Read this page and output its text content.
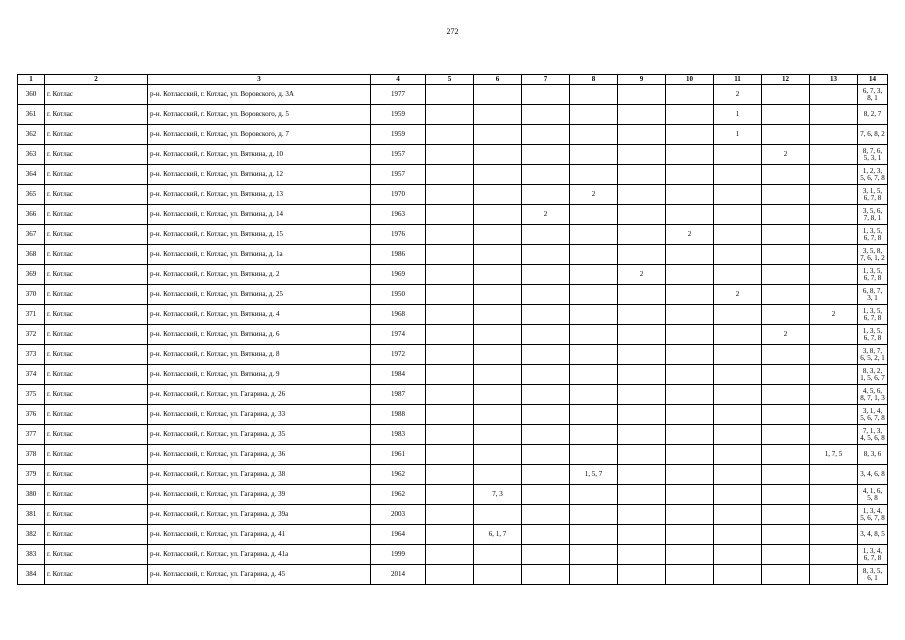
272
1	2	3	4	5	6	7	8	9	10	11	12	13	14
360	г. Котлас	р-н. Котласский, г. Котлас, ул. Воровского, д. 3А	1977							2			6, 7, 3, 8, 1
361	г. Котлас	р-н. Котласский, г. Котлас, ул. Воровского, д. 5	1959							1			8, 2, 7
362	г. Котлас	р-н. Котласский, г. Котлас, ул. Воровского, д. 7	1959							1			7, 6, 8, 2
363	г. Котлас	р-н. Котласский, г. Котлас, ул. Вяткина, д. 10	1957								2		8, 7, 6, 5, 3, 1
364	г. Котлас	р-н. Котласский, г. Котлас, ул. Вяткина, д. 12	1957										1, 2, 3, 5, 6, 7, 8
365	г. Котлас	р-н. Котласский, г. Котлас, ул. Вяткина, д. 13	1970				2						3, 1, 5, 6, 7, 8
366	г. Котлас	р-н. Котласский, г. Котлас, ул. Вяткина, д. 14	1963			2							3, 5, 6, 7, 8, 1
367	г. Котлас	р-н. Котласский, г. Котлас, ул. Вяткина, д. 15	1976						2				1, 3, 5, 6, 7, 8
368	г. Котлас	р-н. Котласский, г. Котлас, ул. Вяткина, д. 1а	1986										3, 5, 8, 7, 6, 1, 2
369	г. Котлас	р-н. Котласский, г. Котлас, ул. Вяткина, д. 2	1969					2					1, 3, 5, 6, 7, 8
370	г. Котлас	р-н. Котласский, г. Котлас, ул. Вяткина, д. 25	1950							2			6, 8, 7, 3, 1
371	г. Котлас	р-н. Котласский, г. Котлас, ул. Вяткина, д. 4	1968									2	1, 3, 5, 6, 7, 8
372	г. Котлас	р-н. Котласский, г. Котлас, ул. Вяткина, д. 6	1974								2		1, 3, 5, 6, 7, 8
373	г. Котлас	р-н. Котласский, г. Котлас, ул. Вяткина, д. 8	1972										3, 8, 7, 6, 5, 2, 1
374	г. Котлас	р-н. Котласский, г. Котлас, ул. Вяткина, д. 9	1984										8, 3, 2, 1, 5, 6, 7
375	г. Котлас	р-н. Котласский, г. Котлас, ул. Гагарина, д. 26	1987										4, 5, 6, 8, 7, 1, 3
376	г. Котлас	р-н. Котласский, г. Котлас, ул. Гагарина, д. 33	1988										3, 1, 4, 5, 6, 7, 8
377	г. Котлас	р-н. Котласский, г. Котлас, ул. Гагарина, д. 35	1983										7, 1, 3, 4, 5, 6, 8
378	г. Котлас	р-н. Котласский, г. Котлас, ул. Гагарина, д. 36	1961									1, 7, 5	8, 3, 6
379	г. Котлас	р-н. Котласский, г. Котлас, ул. Гагарина, д. 38	1962				1, 5, 7						3, 4, 6, 8
380	г. Котлас	р-н. Котласский, г. Котлас, ул. Гагарина, д. 39	1962		7, 3								4, 1, 6, 5, 8
381	г. Котлас	р-н. Котласский, г. Котлас, ул. Гагарина, д. 39а	2003										1, 3, 4, 5, 6, 7, 8
382	г. Котлас	р-н. Котласский, г. Котлас, ул. Гагарина, д. 41	1964		6, 1, 7								3, 4, 8, 5
383	г. Котлас	р-н. Котласский, г. Котлас, ул. Гагарина, д. 41а	1999										1, 3, 4, 6, 7, 8
384	г. Котлас	р-н. Котласский, г. Котлас, ул. Гагарина, д. 45	2014										8, 3, 5, 6, 1
